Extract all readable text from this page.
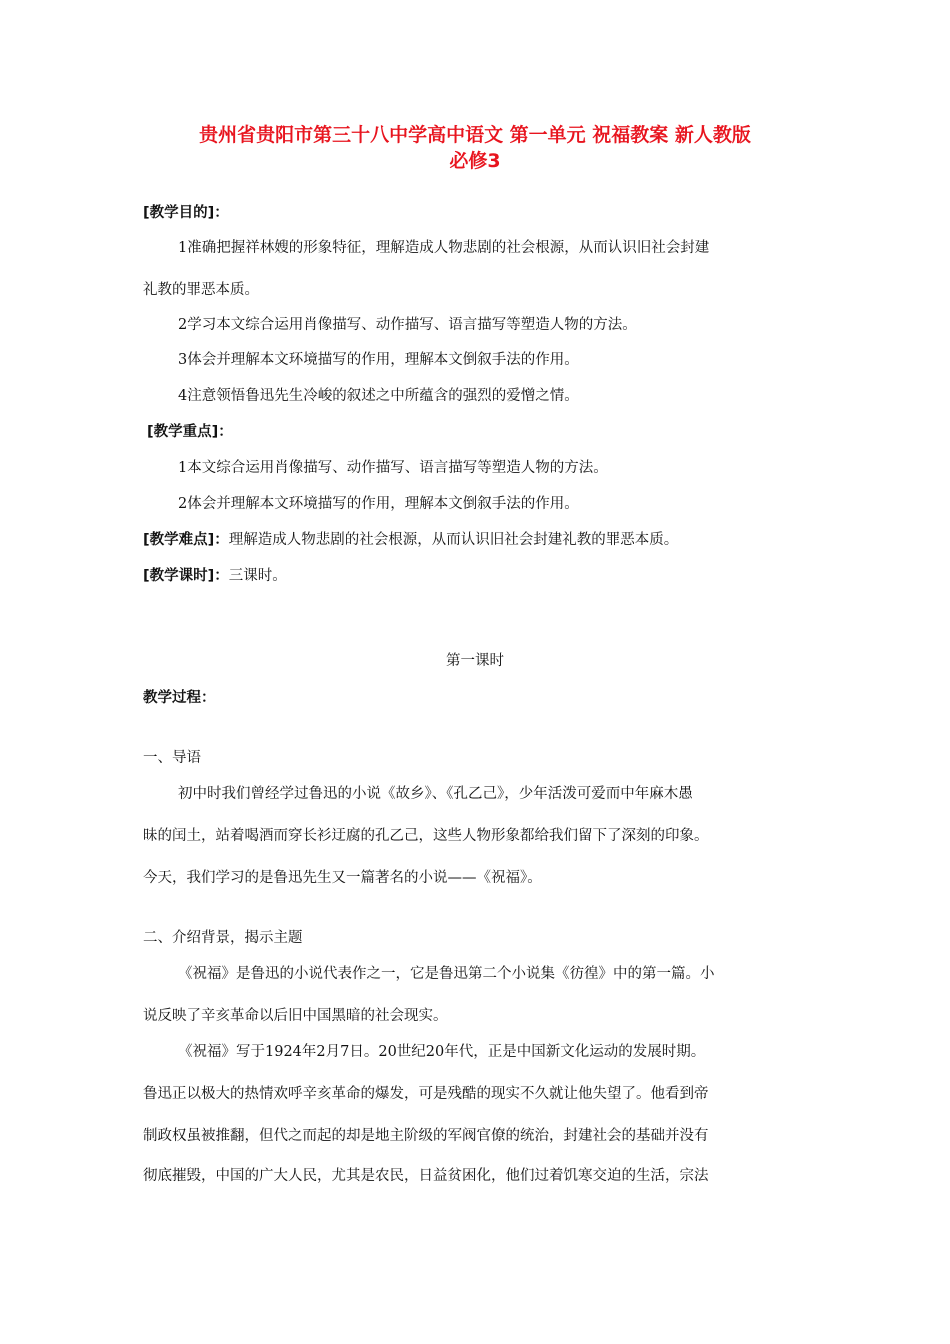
贵州省贵阳市第三十八中学高中语文 第一单元 祝福教案 新人教版
必修3
[教学目的]：
1准确把握祥林嫂的形象特征，理解造成人物悲剧的社会根源，从而认识旧社会封建
礼教的罪恶本质。
2学习本文综合运用肖像描写、动作描写、语言描写等塑造人物的方法。
3体会并理解本文环境描写的作用，理解本文倒叙手法的作用。
4注意领悟鲁迅先生冷峻的叙述之中所蕴含的强烈的爱憎之情。
[教学重点]：
1本文综合运用肖像描写、动作描写、语言描写等塑造人物的方法。
2体会并理解本文环境描写的作用，理解本文倒叙手法的作用。
[教学难点]：理解造成人物悲剧的社会根源，从而认识旧社会封建礼教的罪恶本质。
[教学课时]：三课时。
第一课时
教学过程：
一、导语
初中时我们曾经学过鲁迅的小说《故乡》、《孔乙己》，少年活泼可爱而中年麻木愚
昧的闰土，站着喝酒而穿长衫迂腐的孔乙己，这些人物形象都给我们留下了深刻的印象。
今天，我们学习的是鲁迅先生又一篇著名的小说——《祝福》。
二、介绍背景，揭示主题
《祝福》是鲁迅的小说代表作之一，它是鲁迅第二个小说集《彷徨》中的第一篇。小
说反映了辛亥革命以后旧中国黑暗的社会现实。
《祝福》写于1924年2月7日。20世纪20年代，正是中国新文化运动的发展时期。
鲁迅正以极大的热情欢呼辛亥革命的爆发，可是残酷的现实不久就让他失望了。他看到帝
制政权虽被推翻，但代之而起的却是地主阶级的军阀官僚的统治，封建社会的基础并没有
彻底摧毁，中国的广大人民，尤其是农民，日益贫困化，他们过着饥寒交迫的生活，宗法
